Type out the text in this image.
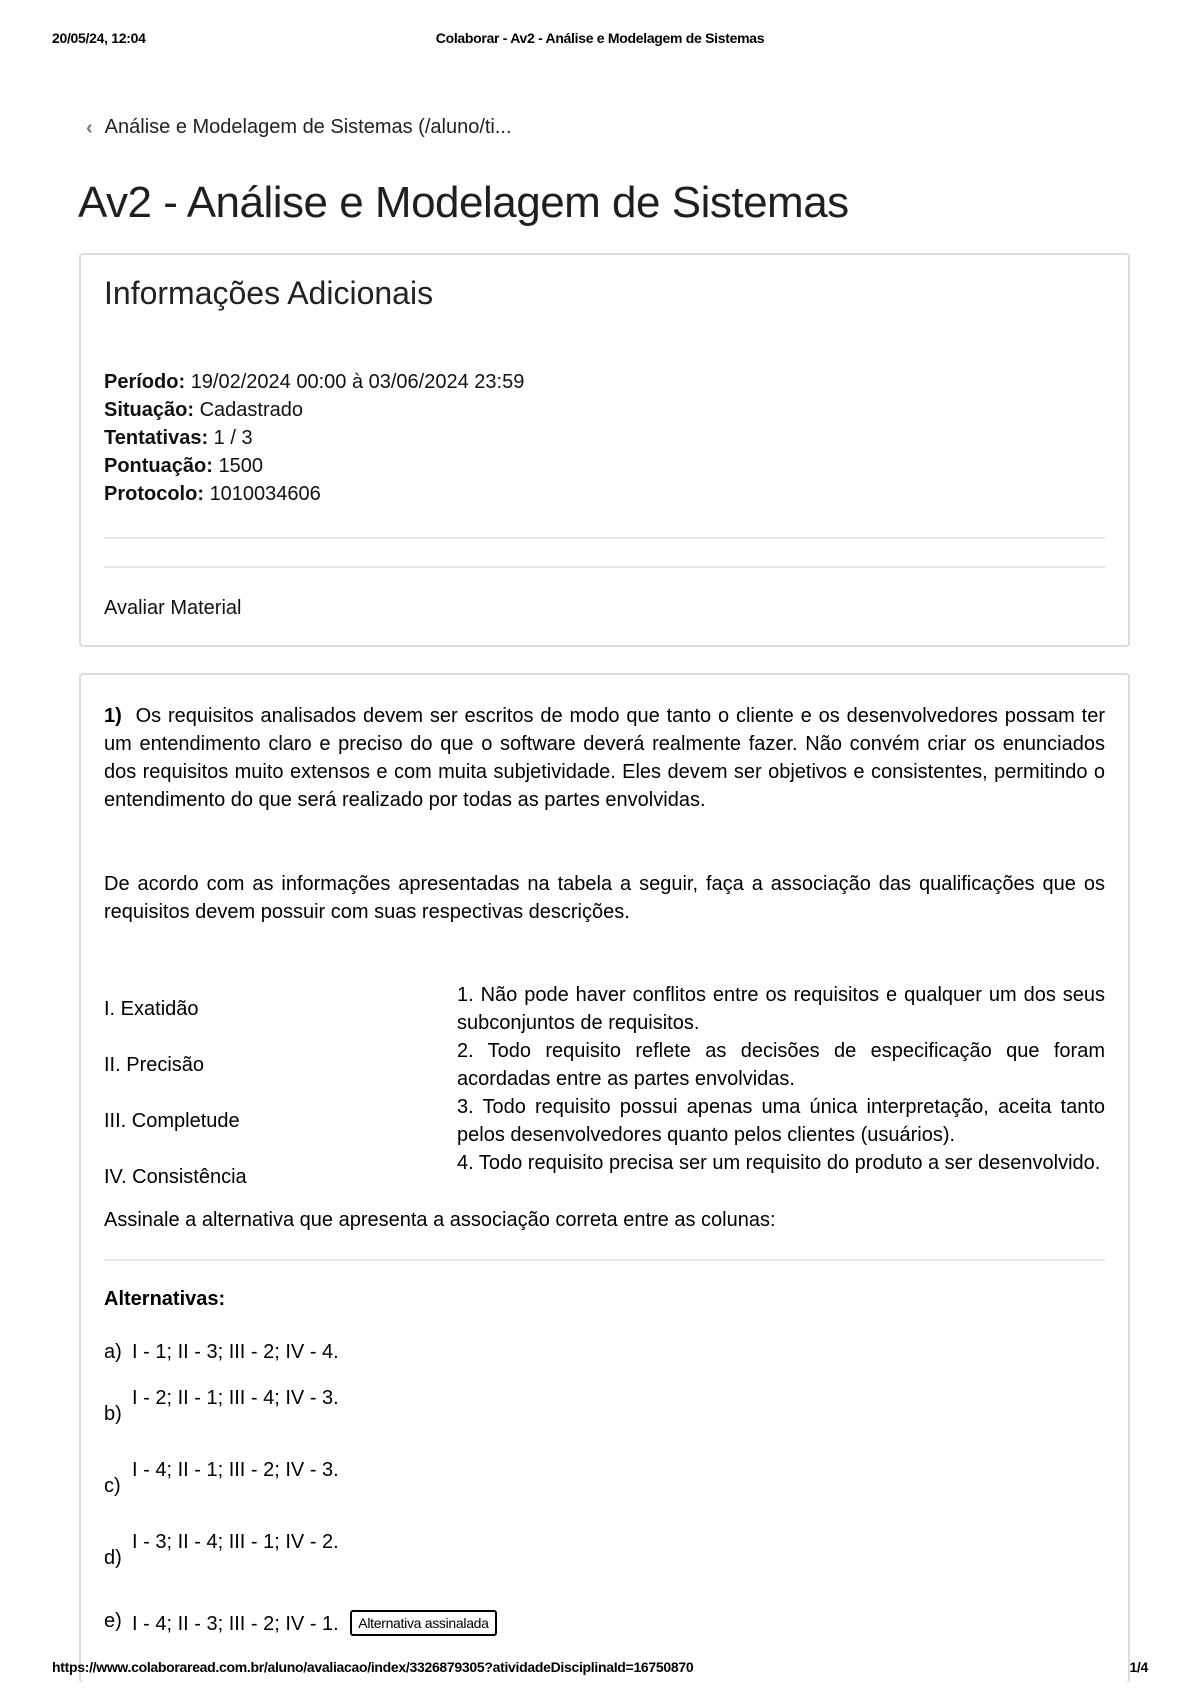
20/05/24, 12:04	Colaborar - Av2 - Análise e Modelagem de Sistemas
‹ Análise e Modelagem de Sistemas (/aluno/ti...
Av2 - Análise e Modelagem de Sistemas
Informações Adicionais
Período: 19/02/2024 00:00 à 03/06/2024 23:59
Situação: Cadastrado
Tentativas: 1 / 3
Pontuação: 1500
Protocolo: 1010034606
Avaliar Material

1) Os requisitos analisados devem ser escritos de modo que tanto o cliente e os desenvolvedores possam ter um entendimento claro e preciso do que o software deverá realmente fazer. Não convém criar os enunciados dos requisitos muito extensos e com muita subjetividade. Eles devem ser objetivos e consistentes, permitindo o entendimento do que será realizado por todas as partes envolvidas.

De acordo com as informações apresentadas na tabela a seguir, faça a associação das qualificações que os requisitos devem possuir com suas respectivas descrições.

I. Exatidão
1. Não pode haver conflitos entre os requisitos e qualquer um dos seus subconjuntos de requisitos.
II. Precisão
2. Todo requisito reflete as decisões de especificação que foram acordadas entre as partes envolvidas.
III. Completude
3. Todo requisito possui apenas uma única interpretação, aceita tanto pelos desenvolvedores quanto pelos clientes (usuários).
IV. Consistência
4. Todo requisito precisa ser um requisito do produto a ser desenvolvido.

Assinale a alternativa que apresenta a associação correta entre as colunas:

Alternativas:
a) I - 1; II - 3; III - 2; IV - 4.
b)
I - 2; II - 1; III - 4; IV - 3.
c)
I - 4; II - 1; III - 2; IV - 3.
d)
I - 3; II - 4; III - 1; IV - 2.
e) I - 4; II - 3; III - 2; IV - 1. Alternativa assinalada
https://www.colaboraread.com.br/aluno/avaliacao/index/3326879305?atividadeDisciplinaId=16750870	1/4
